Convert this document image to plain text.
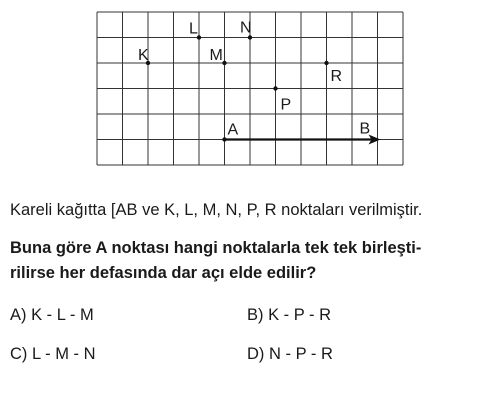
K
L
M
N
P
R
A	B
Kareli kağıtta [AB ve K, L, M, N, P, R noktaları verilmiştir.
Buna göre A noktası hangi noktalarla tek tek birleşti-
rilirse her defasında dar açı elde edilir?
A) K - L - M	B) K - P - R
C) L - M - N	D) N - P - R
